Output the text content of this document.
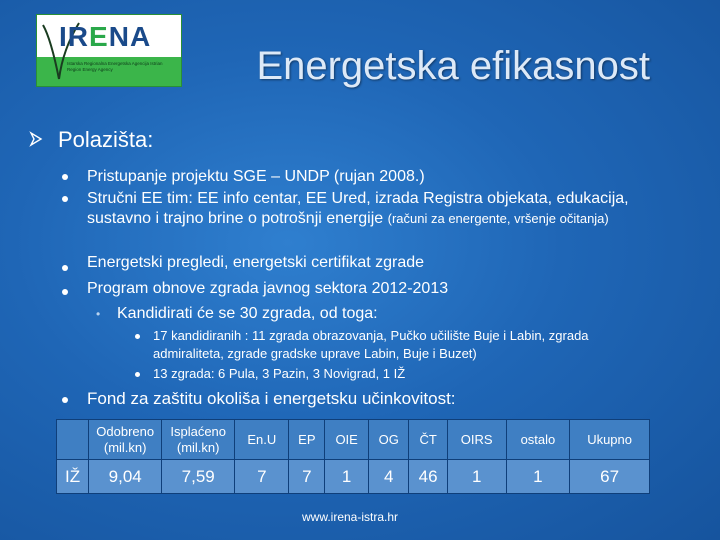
IRENA
Istarska Regionalna Energetska Agencija Istrian Region Energy Agency	Energetska efikasnost
Polazišta:
Pristupanje projektu SGE – UNDP (rujan 2008.)
Stručni EE tim: EE info centar, EE Ured, izrada Registra objekata, edukacija, sustavno i trajno brine o potrošnji energije (računi za energente, vršenje očitanja)
Energetski pregledi, energetski certifikat zgrade
Program obnove zgrada javnog sektora 2012-2013
• Kandidirati će se 30 zgrada, od toga:
17 kandidiranih : 11 zgrada obrazovanja, Pučko učilište Buje i Labin, zgrada admiraliteta, zgrade gradske uprave Labin, Buje i Buzet)
13 zgrada: 6 Pula, 3 Pazin, 3 Novigrad, 1 IŽ
Fond za zaštitu okoliša i energetsku učinkovitost:
	Odobreno (mil.kn)	Isplaćeno (mil.kn)	En.U	EP	OIE	OG	ČT	OIRS	ostalo	Ukupno
IŽ	9,04	7,59	7	7	1	4	46	1	1	67
www.irena-istra.hr
